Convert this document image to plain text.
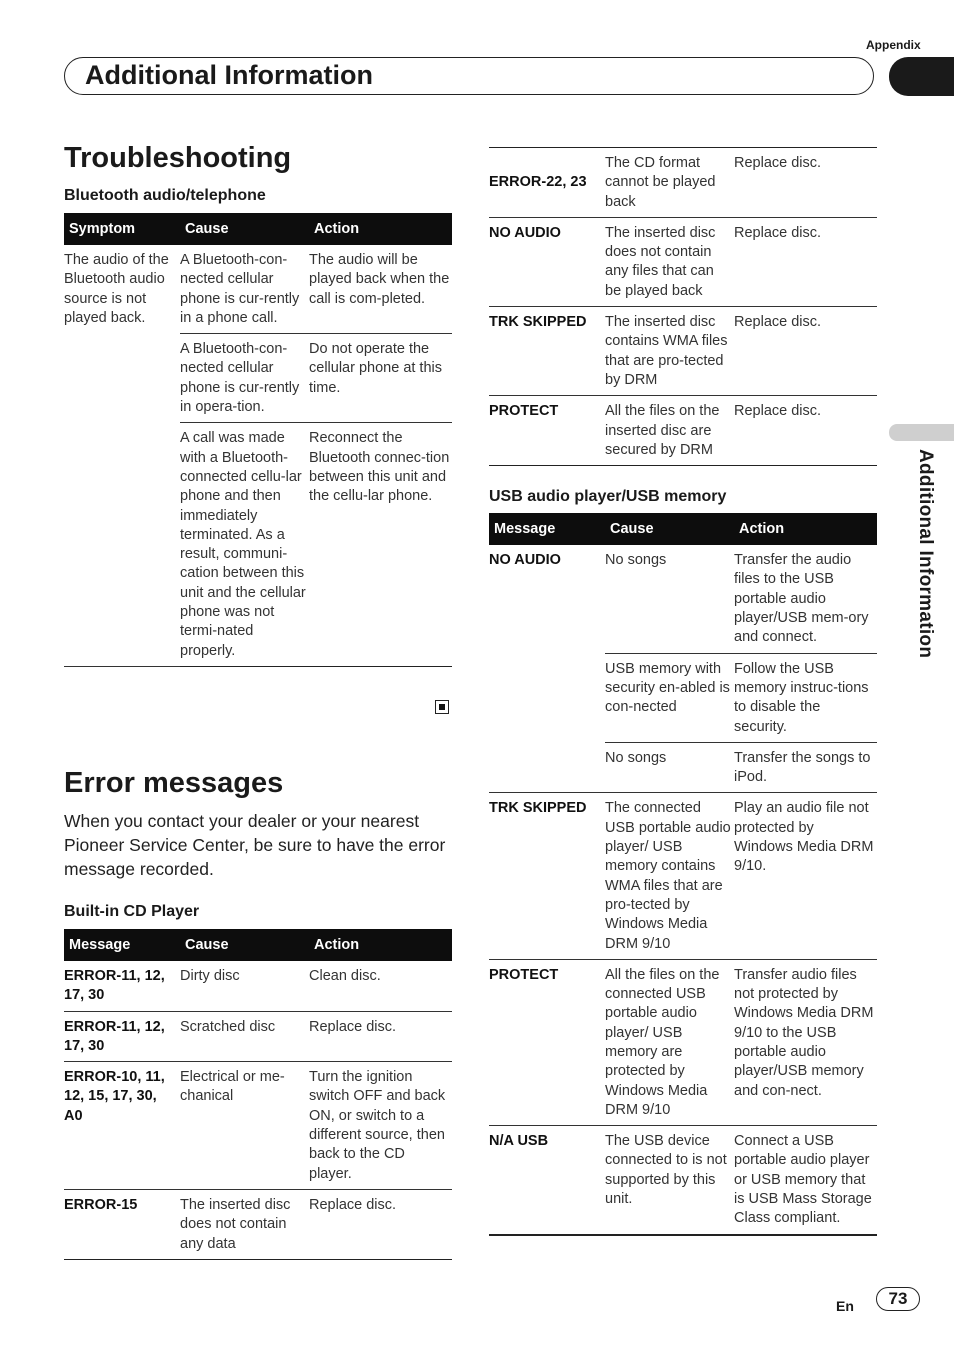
Appendix
Additional Information
Additional Information
Troubleshooting
Bluetooth audio/telephone
Symptom	Cause	Action
The audio of the Bluetooth audio source is not played back.	A Bluetooth-con-nected cellular phone is cur-rently in a phone call.	The audio will be played back when the call is com-pleted.
	A Bluetooth-con-nected cellular phone is cur-rently in opera-tion.	Do not operate the cellular phone at this time.
	A call was made with a Bluetooth-connected cellu-lar phone and then immediately terminated. As a result, communi-cation between this unit and the cellular phone was not termi-nated properly.	Reconnect the Bluetooth connec-tion between this unit and the cellu-lar phone.
Error messages

When you contact your dealer or your nearest Pioneer Service Center, be sure to have the error message recorded.

Built-in CD Player
Message	Cause	Action
ERROR-11, 12, 17, 30	Dirty disc	Clean disc.
ERROR-11, 12, 17, 30	Scratched disc	Replace disc.
ERROR-10, 11, 12, 15, 17, 30, A0	Electrical or me-chanical	Turn the ignition switch OFF and back ON, or switch to a different source, then back to the CD player.
ERROR-15	The inserted disc does not contain any data	Replace disc.
ERROR-22, 23	The CD format cannot be played back	Replace disc.
NO AUDIO	The inserted disc does not contain any files that can be played back	Replace disc.
TRK SKIPPED	The inserted disc contains WMA files that are pro-tected by DRM	Replace disc.
PROTECT	All the files on the inserted disc are secured by DRM	Replace disc.
USB audio player/USB memory
Message	Cause	Action
NO AUDIO	No songs	Transfer the audio files to the USB portable audio player/USB mem-ory and connect.
	USB memory with security en-abled is con-nected	Follow the USB memory instruc-tions to disable the security.
	No songs	Transfer the songs to iPod.
TRK SKIPPED	The connected USB portable audio player/ USB memory contains WMA files that are pro-tected by Windows Media DRM 9/10	Play an audio file not protected by Windows Media DRM 9/10.
PROTECT	All the files on the connected USB portable audio player/ USB memory are protected by Windows Media DRM 9/10	Transfer audio files not protected by Windows Media DRM 9/10 to the USB portable audio player/USB memory and con-nect.
N/A USB	The USB device connected to is not supported by this unit.	Connect a USB portable audio player or USB memory that is USB Mass Storage Class compliant.
En	73
